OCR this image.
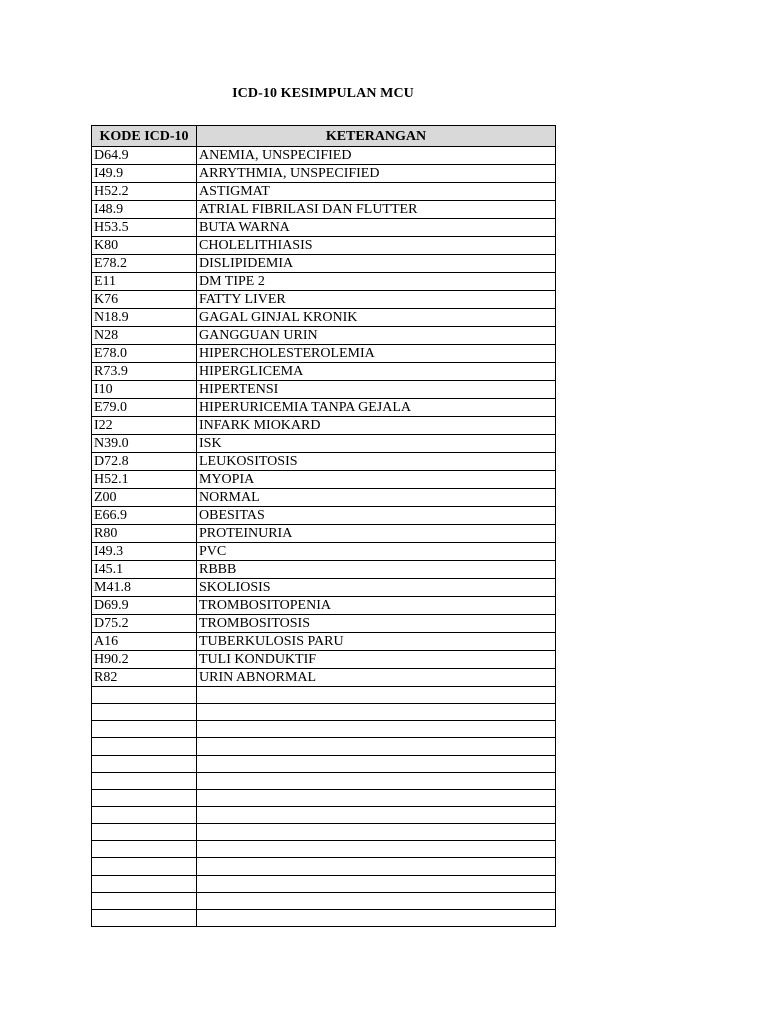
ICD-10 KESIMPULAN MCU
KODE ICD-10	KETERANGAN
D64.9	ANEMIA, UNSPECIFIED
I49.9	ARRYTHMIA, UNSPECIFIED
H52.2	ASTIGMAT
I48.9	ATRIAL FIBRILASI DAN FLUTTER
H53.5	BUTA WARNA
K80	CHOLELITHIASIS
E78.2	DISLIPIDEMIA
E11	DM TIPE 2
K76	FATTY LIVER
N18.9	GAGAL GINJAL KRONIK
N28	GANGGUAN URIN
E78.0	HIPERCHOLESTEROLEMIA
R73.9	HIPERGLICEMA
I10	HIPERTENSI
E79.0	HIPERURICEMIA TANPA GEJALA
I22	INFARK MIOKARD
N39.0	ISK
D72.8	LEUKOSITOSIS
H52.1	MYOPIA
Z00	NORMAL
E66.9	OBESITAS
R80	PROTEINURIA
I49.3	PVC
I45.1	RBBB
M41.8	SKOLIOSIS
D69.9	TROMBOSITOPENIA
D75.2	TROMBOSITOSIS
A16	TUBERKULOSIS PARU
H90.2	TULI KONDUKTIF
R82	URIN ABNORMAL
